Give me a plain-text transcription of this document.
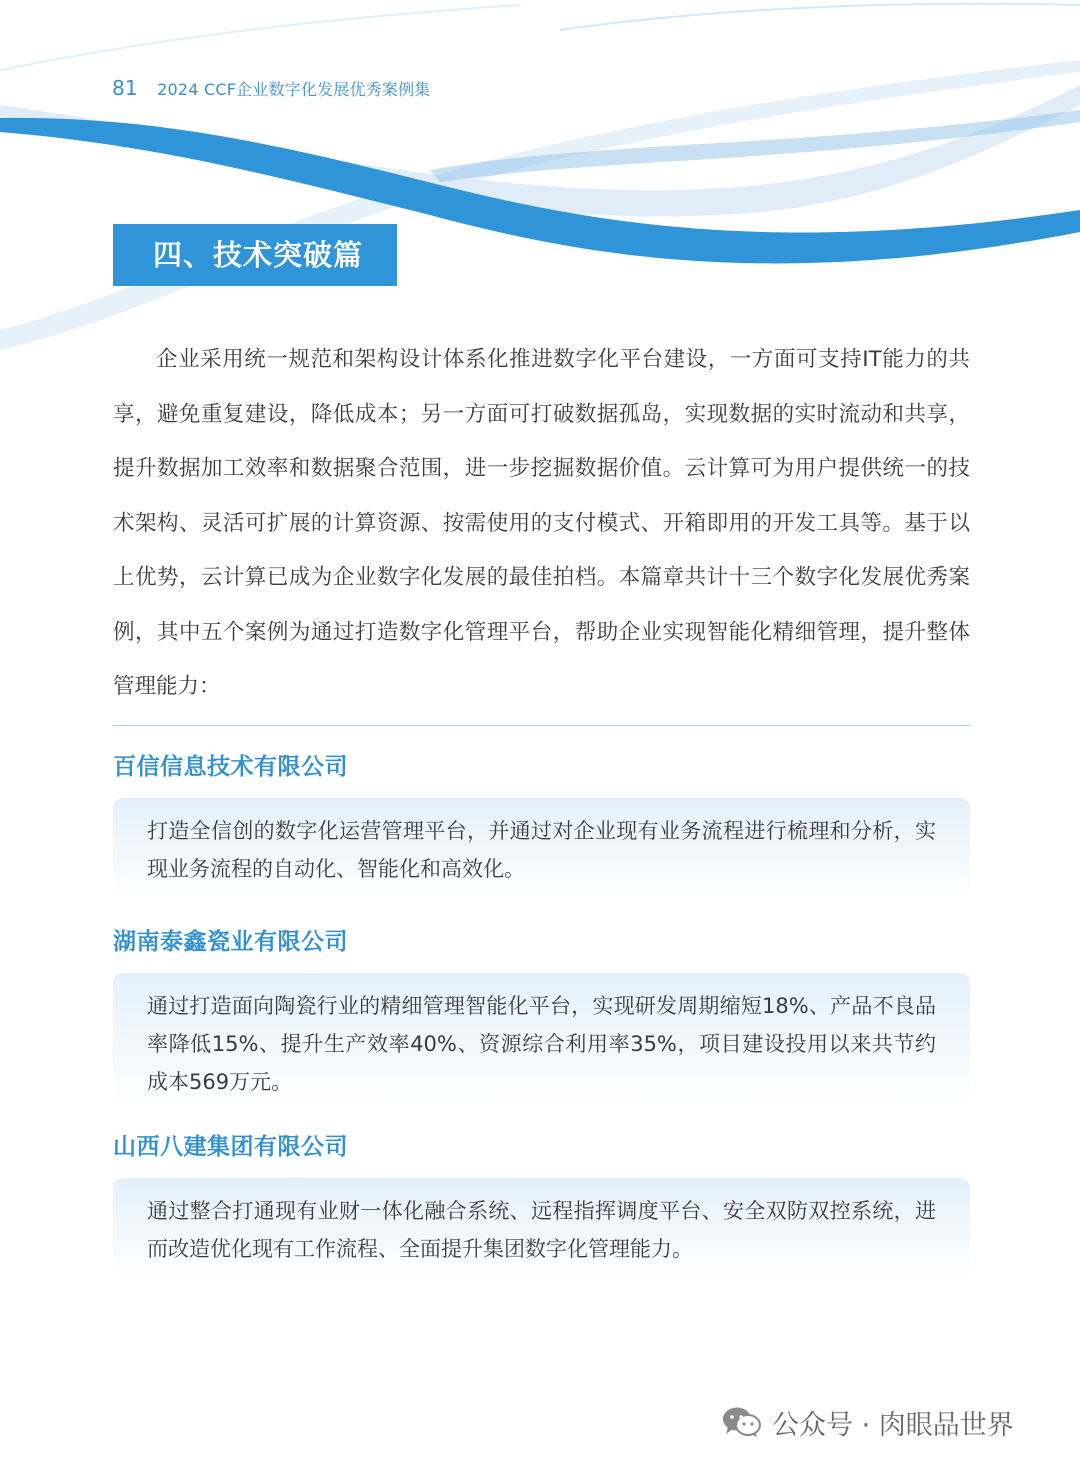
81 2024 CCF企业数字化发展优秀案例集
四、技术突破篇

企业采用统一规范和架构设计体系化推进数字化平台建设，一方面可支持IT能力的共享，避免重复建设，降低成本；另一方面可打破数据孤岛，实现数据的实时流动和共享，提升数据加工效率和数据聚合范围，进一步挖掘数据价值。云计算可为用户提供统一的技术架构、灵活可扩展的计算资源、按需使用的支付模式、开箱即用的开发工具等。基于以上优势，云计算已成为企业数字化发展的最佳拍档。本篇章共计十三个数字化发展优秀案例，其中五个案例为通过打造数字化管理平台，帮助企业实现智能化精细管理，提升整体管理能力：

百信信息技术有限公司
打造全信创的数字化运营管理平台，并通过对企业现有业务流程进行梳理和分析，实现业务流程的自动化、智能化和高效化。
湖南泰鑫瓷业有限公司
通过打造面向陶瓷行业的精细管理智能化平台，实现研发周期缩短18%、产品不良品率降低15%、提升生产效率40%、资源综合利用率35%，项目建设投用以来共节约成本569万元。
山西八建集团有限公司
通过整合打通现有业财一体化融合系统、远程指挥调度平台、安全双防双控系统，进而改造优化现有工作流程、全面提升集团数字化管理能力。
公众号 · 肉眼品世界
